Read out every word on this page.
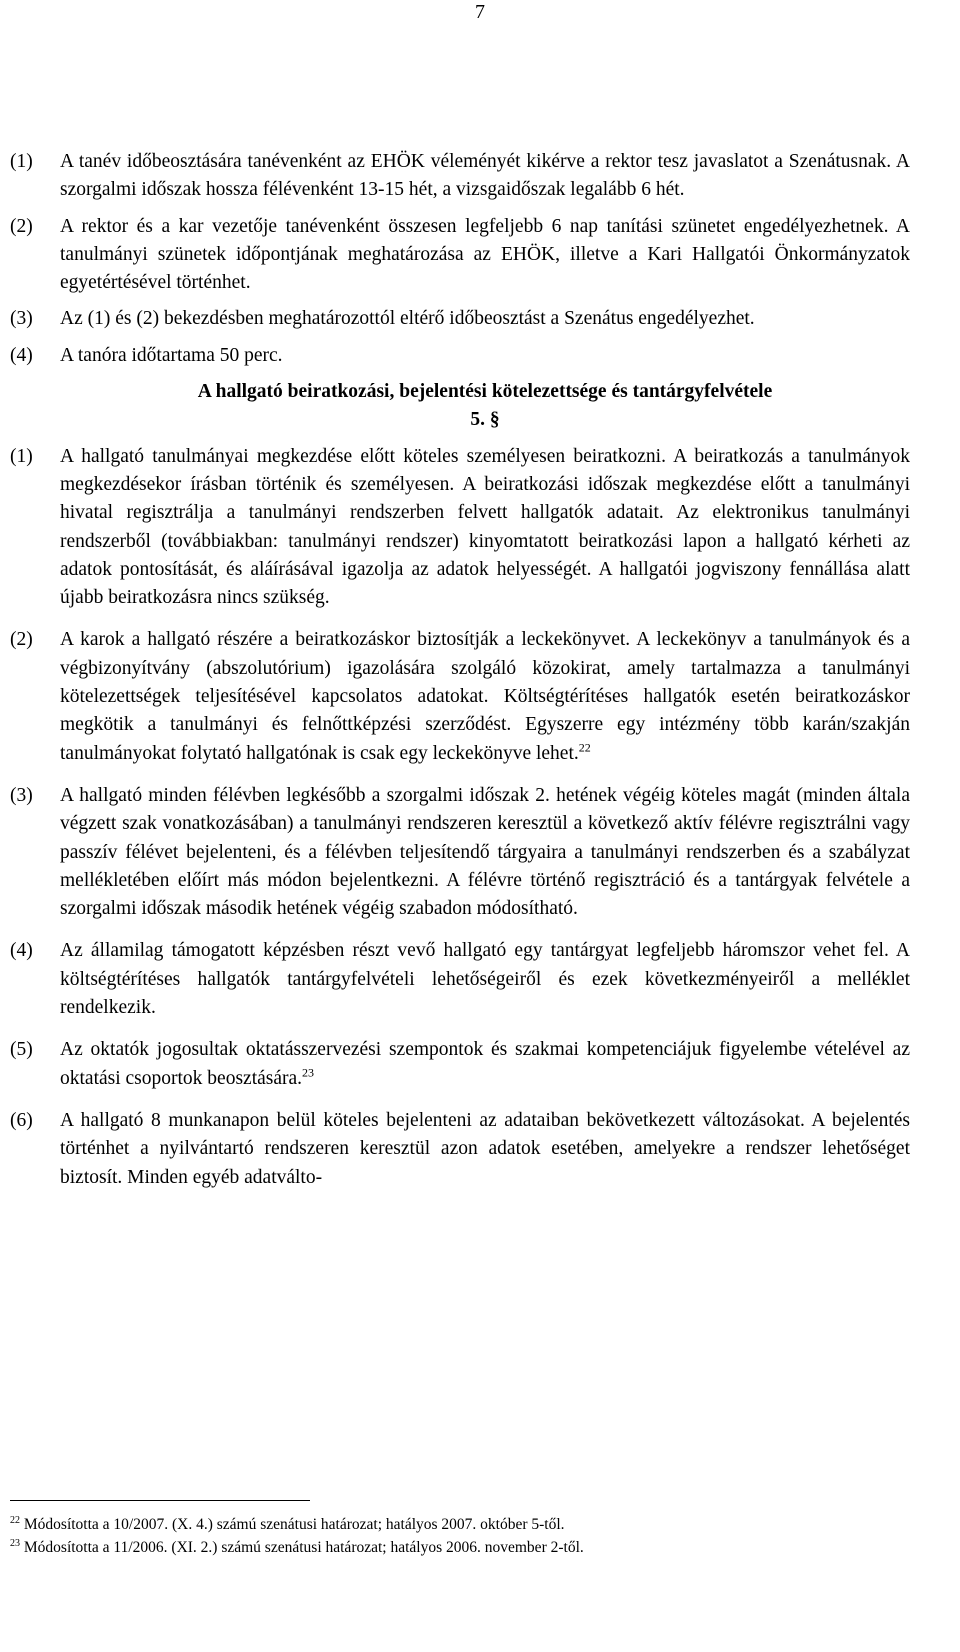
7
(1)	A tanév időbeosztására tanévenként az EHÖK véleményét kikérve a rektor tesz javaslatot a Szenátusnak. A szorgalmi időszak hossza félévenként 13-15 hét, a vizsgaidőszak legalább 6 hét.
(2)	A rektor és a kar vezetője tanévenként összesen legfeljebb 6 nap tanítási szünetet engedélyezhetnek. A tanulmányi szünetek időpontjának meghatározása az EHÖK, illetve a Kari Hallgatói Önkormányzatok egyetértésével történhet.
(3)	Az (1) és (2) bekezdésben meghatározottól eltérő időbeosztást a Szenátus engedélyezhet.
(4)	A tanóra időtartama 50 perc.
A hallgató beiratkozási, bejelentési kötelezettsége és tantárgyfelvétele
5. §
(1)	A hallgató tanulmányai megkezdése előtt köteles személyesen beiratkozni. A beiratkozás a tanulmányok megkezdésekor írásban történik és személyesen. A beiratkozási időszak megkezdése előtt a tanulmányi hivatal regisztrálja a tanulmányi rendszerben felvett hallgatók adatait. Az elektronikus tanulmányi rendszerből (továbbiakban: tanulmányi rendszer) kinyomtatott beiratkozási lapon a hallgató kérheti az adatok pontosítását, és aláírásával igazolja az adatok helyességét. A hallgatói jogviszony fennállása alatt újabb beiratkozásra nincs szükség.
(2)	A karok a hallgató részére a beiratkozáskor biztosítják a leckekönyvet. A leckekönyv a tanulmányok és a végbizonyítvány (abszolutórium) igazolására szolgáló közokirat, amely tartalmazza a tanulmányi kötelezettségek teljesítésével kapcsolatos adatokat. Költségtérítéses hallgatók esetén beiratkozáskor megkötik a tanulmányi és felnőttképzési szerződést. Egyszerre egy intézmény több karán/szakján tanulmányokat folytató hallgatónak is csak egy leckekönyve lehet.$^{22}$
(3)	A hallgató minden félévben legkésőbb a szorgalmi időszak 2. hetének végéig köteles magát (minden általa végzett szak vonatkozásában) a tanulmányi rendszeren keresztül a következő aktív félévre regisztrálni vagy passzív félévet bejelenteni, és a félévben teljesítendő tárgyaira a tanulmányi rendszerben és a szabályzat mellékletében előírt más módon bejelentkezni. A félévre történő regisztráció és a tantárgyak felvétele a szorgalmi időszak második hetének végéig szabadon módosítható.
(4)	Az államilag támogatott képzésben részt vevő hallgató egy tantárgyat legfeljebb háromszor vehet fel. A költségtérítéses hallgatók tantárgyfelvételi lehetőségeiről és ezek következményeiről a melléklet rendelkezik.
(5)	Az oktatók jogosultak oktatásszervezési szempontok és szakmai kompetenciájuk figyelembe vételével az oktatási csoportok beosztására.$^{23}$
(6)	A hallgató 8 munkanapon belül köteles bejelenteni az adataiban bekövetkezett változásokat. A bejelentés történhet a nyilvántartó rendszeren keresztül azon adatok esetében, amelyekre a rendszer lehetőséget biztosít. Minden egyéb adatválto-
$^{22}$ Módosította a 10/2007. (X. 4.) számú szenátusi határozat; hatályos 2007. október 5-től.
$^{23}$ Módosította a 11/2006. (XI. 2.) számú szenátusi határozat; hatályos 2006. november 2-től.
